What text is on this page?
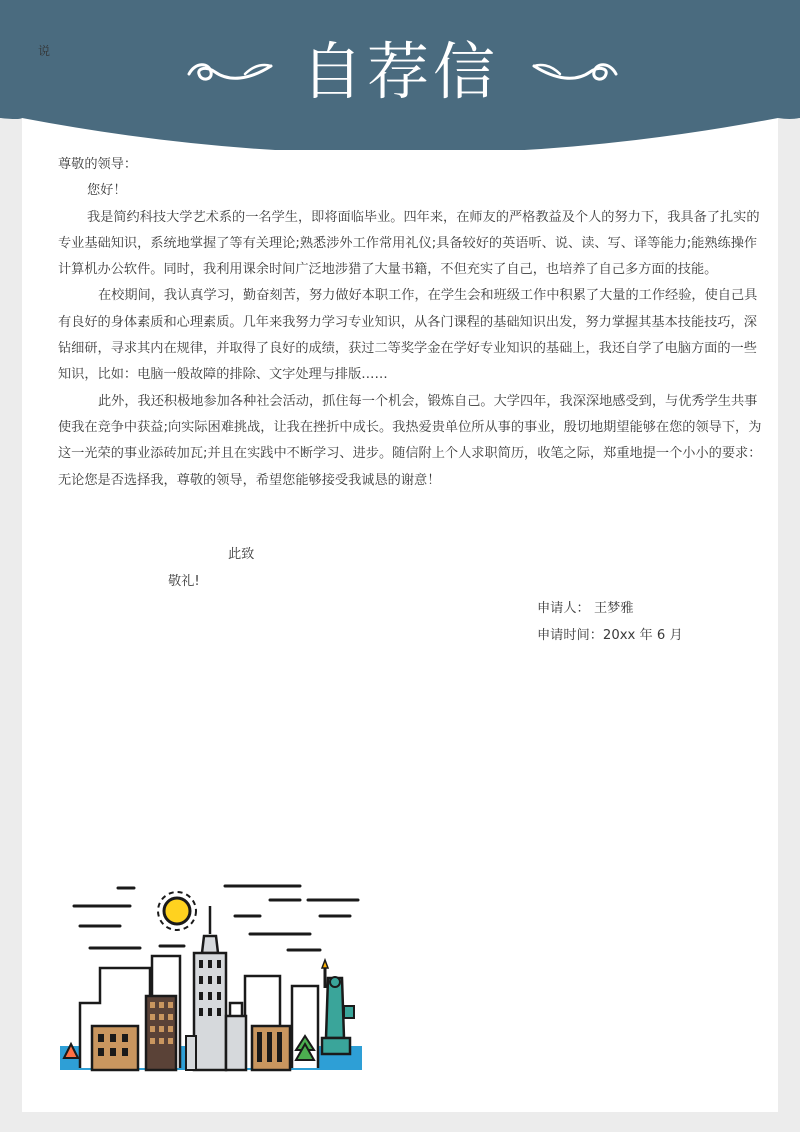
说	自荐信

尊敬的领导：

您好！

我是简约科技大学艺术系的一名学生，即将面临毕业。四年来，在师友的严格教益及个人的努力下，我具备了扎实的专业基础知识，系统地掌握了等有关理论;熟悉涉外工作常用礼仪;具备较好的英语听、说、读、写、译等能力;能熟练操作计算机办公软件。同时，我利用课余时间广泛地涉猎了大量书籍，不但充实了自己，也培养了自己多方面的技能。

在校期间，我认真学习，勤奋刻苦，努力做好本职工作，在学生会和班级工作中积累了大量的工作经验，使自己具有良好的身体素质和心理素质。几年来我努力学习专业知识，从各门课程的基础知识出发，努力掌握其基本技能技巧，深钻细研，寻求其内在规律，并取得了良好的成绩，获过二等奖学金在学好专业知识的基础上，我还自学了电脑方面的一些知识，比如：电脑一般故障的排除、文字处理与排版……

此外，我还积极地参加各种社会活动，抓住每一个机会，锻炼自己。大学四年，我深深地感受到，与优秀学生共事使我在竞争中获益;向实际困难挑战，让我在挫折中成长。我热爱贵单位所从事的事业，殷切地期望能够在您的领导下，为这一光荣的事业添砖加瓦;并且在实践中不断学习、进步。随信附上个人求职简历，收笔之际，郑重地提一个小小的要求：无论您是否选择我，尊敬的领导，希望您能够接受我诚恳的谢意！

此致
敬礼!
申请人： 王梦雅
申请时间：20xx 年 6 月
